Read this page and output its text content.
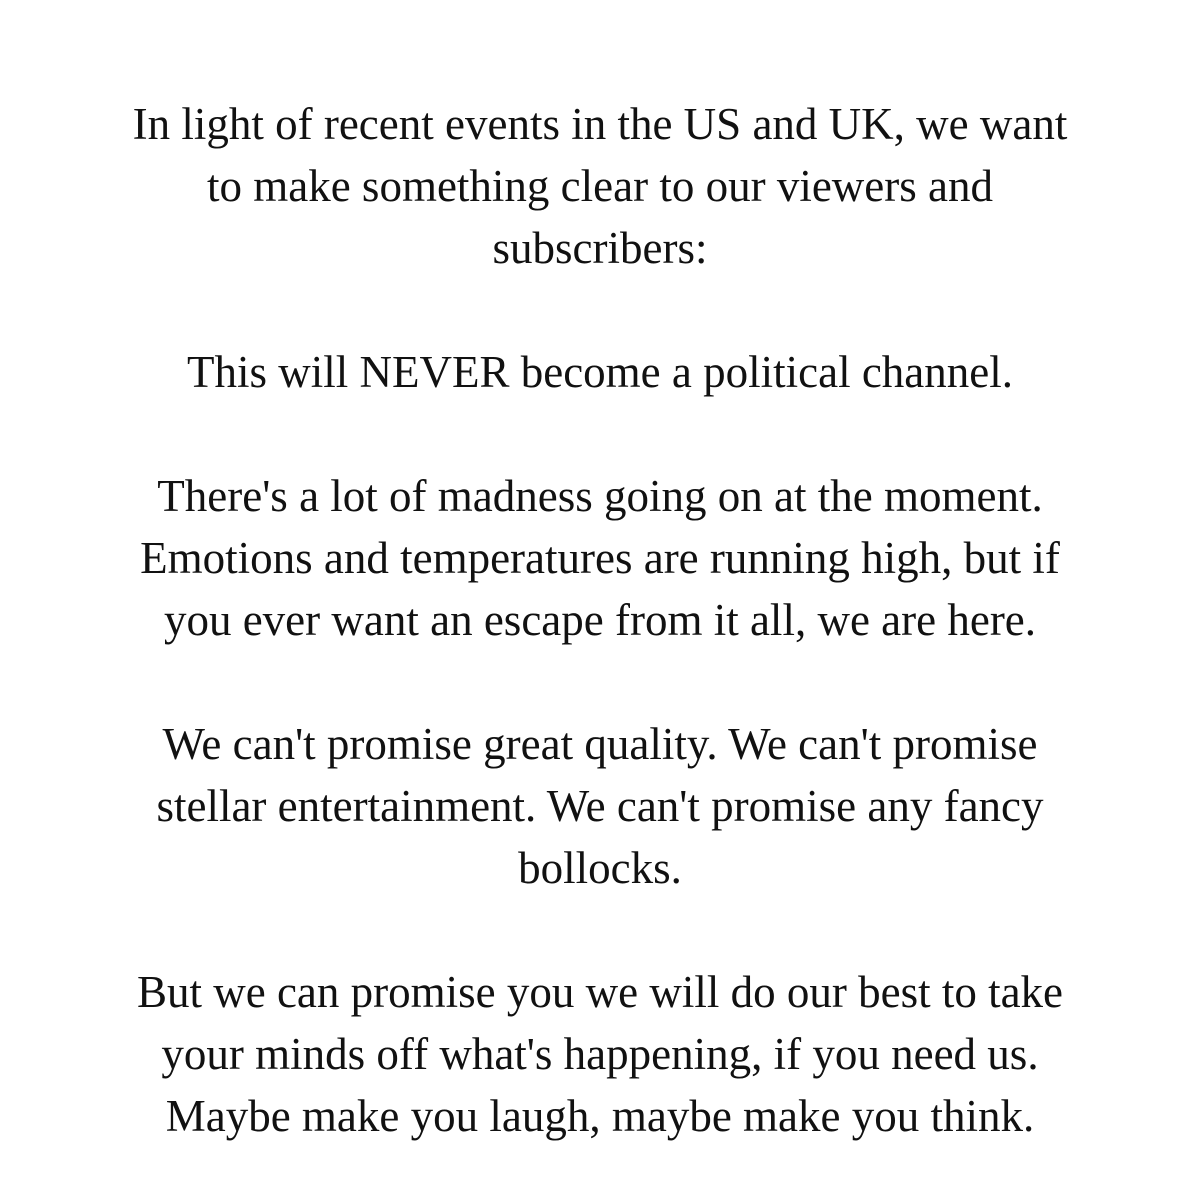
In light of recent events in the US and UK, we want
to make something clear to our viewers and
subscribers:

This will NEVER become a political channel.

There's a lot of madness going on at the moment.
Emotions and temperatures are running high, but if
you ever want an escape from it all, we are here.

We can't promise great quality. We can't promise
stellar entertainment. We can't promise any fancy
bollocks.

But we can promise you we will do our best to take
your minds off what's happening, if you need us.
Maybe make you laugh, maybe make you think.
